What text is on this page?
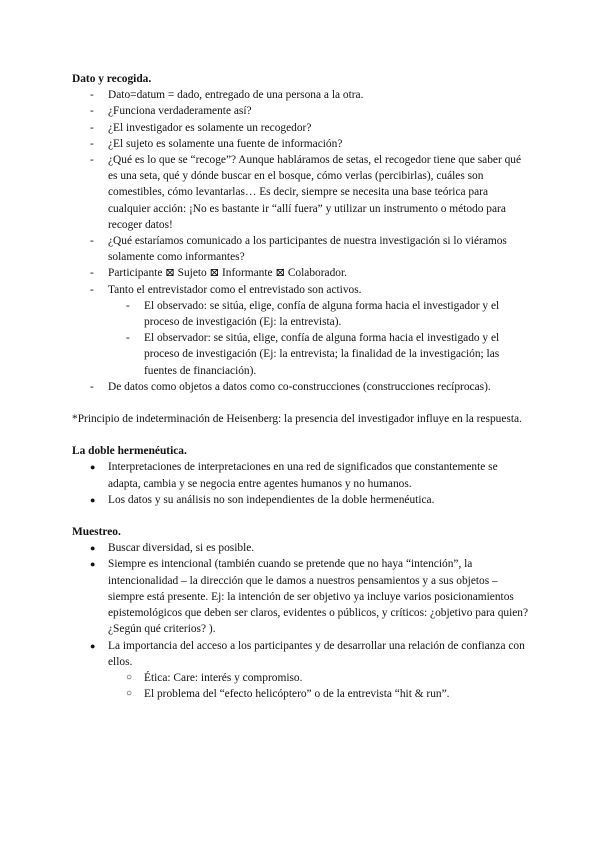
Dato y recogida.
- Dato=datum = dado, entregado de una persona a la otra.
- ¿Funciona verdaderamente así?
- ¿El investigador es solamente un recogedor?
- ¿El sujeto es solamente una fuente de información?
- ¿Qué es lo que se “recoge”? Aunque habláramos de setas, el recogedor tiene que saber qué es una seta, qué y dónde buscar en el bosque, cómo verlas (percibirlas), cuáles son comestibles, cómo levantarlas… Es decir, siempre se necesita una base teórica para cualquier acción: ¡No es bastante ir “allí fuera” y utilizar un instrumento o método para recoger datos!
- ¿Qué estaríamos comunicado a los participantes de nuestra investigación si lo viéramos solamente como informantes?
- Participante ⊠ Sujeto ⊠ Informante ⊠ Colaborador.
- Tanto el entrevistador como el entrevistado son activos.
- El observado: se sitúa, elige, confía de alguna forma hacia el investigador y el proceso de investigación (Ej: la entrevista).
- El observador: se sitúa, elige, confía de alguna forma hacia el investigado y el proceso de investigación (Ej: la entrevista; la finalidad de la investigación; las fuentes de financiación).
- De datos como objetos a datos como co-construcciones (construcciones recíprocas).

*Principio de indeterminación de Heisenberg: la presencia del investigador influye en la respuesta.

La doble hermenéutica.
● Interpretaciones de interpretaciones en una red de significados que constantemente se adapta, cambia y se negocia entre agentes humanos y no humanos.
● Los datos y su análisis no son independientes de la doble hermenéutica.
Muestreo.
● Buscar diversidad, si es posible.
● Siempre es intencional (también cuando se pretende que no haya “intención”, la intencionalidad – la dirección que le damos a nuestros pensamientos y a sus objetos – siempre está presente. Ej: la intención de ser objetivo ya incluye varios posicionamientos epistemológicos que deben ser claros, evidentes o públicos, y críticos: ¿objetivo para quien? ¿Según qué criterios? ).
● La importancia del acceso a los participantes y de desarrollar una relación de confianza con ellos.
○ Ética: Care: interés y compromiso.
○ El problema del “efecto helicóptero” o de la entrevista “hit & run”.
